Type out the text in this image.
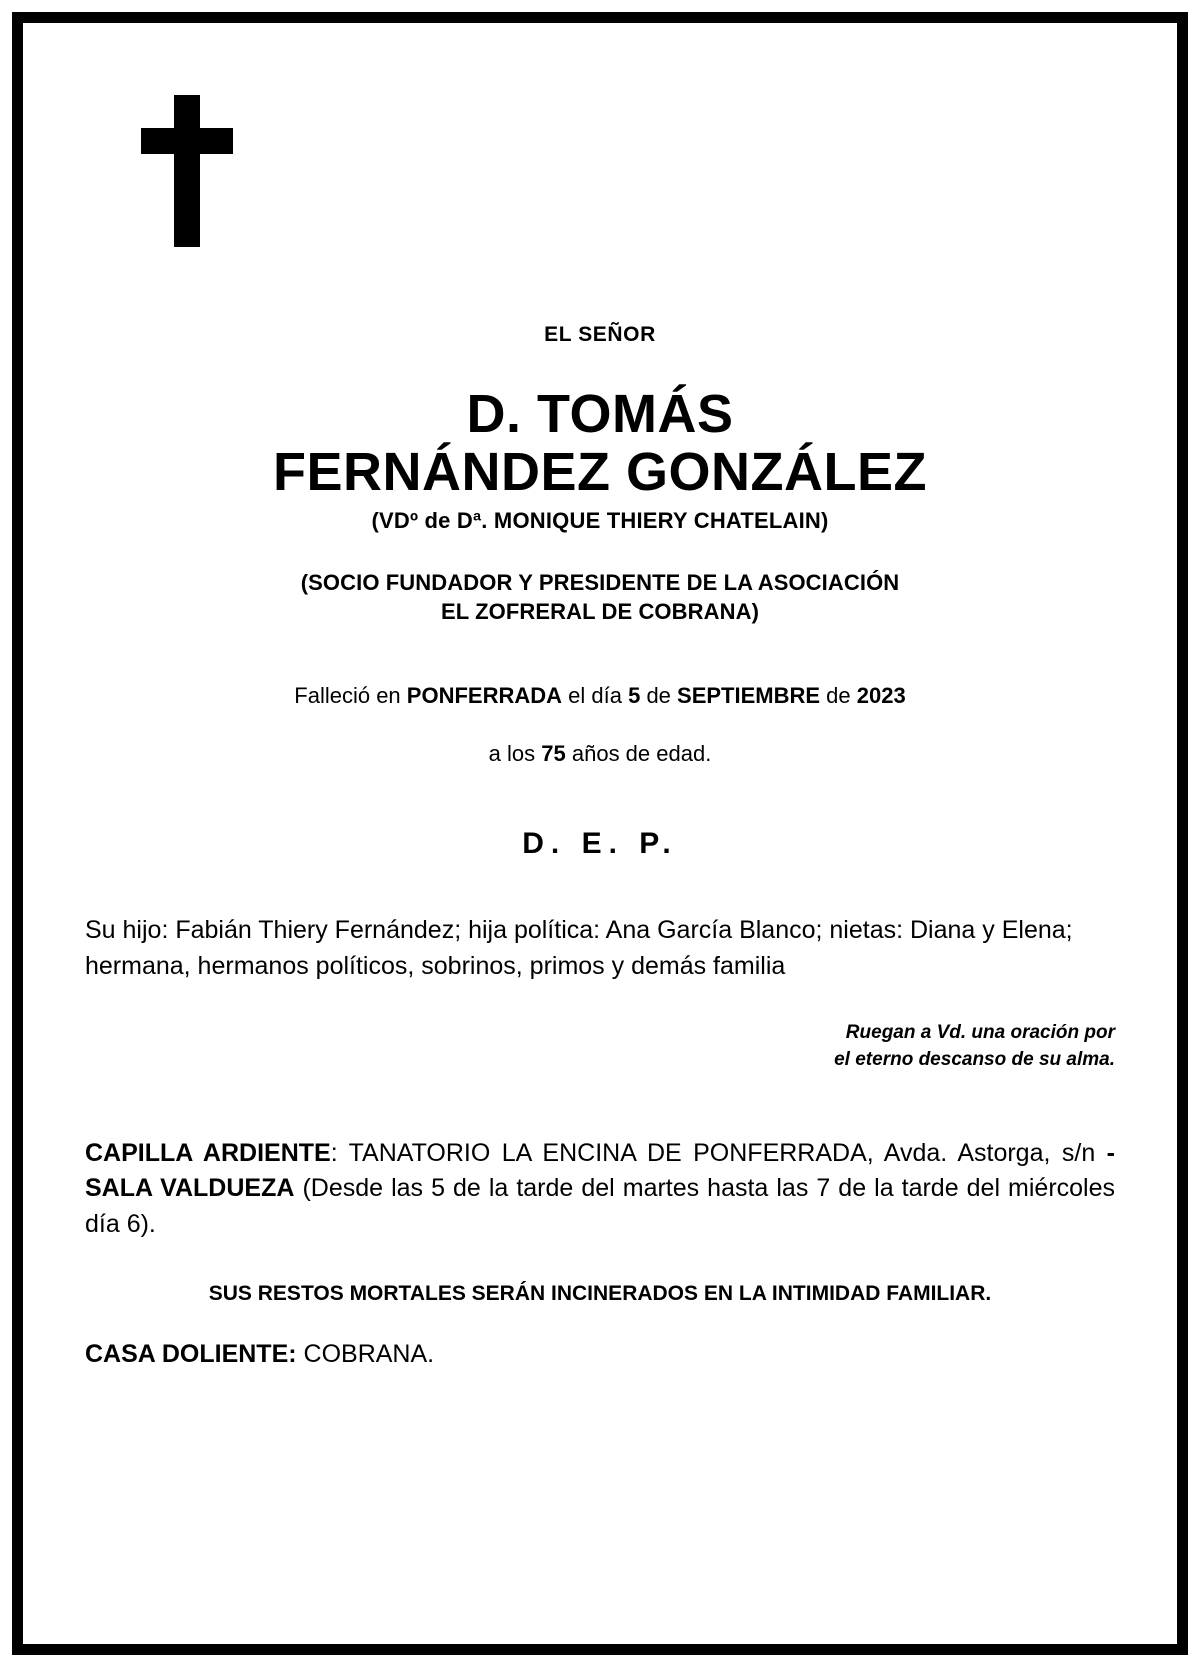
EL SEÑOR

D. TOMÁS

FERNÁNDEZ GONZÁLEZ

(VDº de Dª. MONIQUE THIERY CHATELAIN)

(SOCIO FUNDADOR Y PRESIDENTE DE LA ASOCIACIÓN
EL ZOFRERAL DE COBRANA)

Falleció en PONFERRADA el día 5 de SEPTIEMBRE de 2023

a los 75 años de edad.

D. E. P.

Su hijo: Fabián Thiery Fernández; hija política: Ana García Blanco; nietas: Diana y Elena; hermana, hermanos políticos, sobrinos, primos y demás familia

Ruegan a Vd. una oración por
el eterno descanso de su alma.

CAPILLA ARDIENTE: TANATORIO LA ENCINA DE PONFERRADA, Avda. Astorga, s/n - SALA VALDUEZA (Desde las 5 de la tarde del martes hasta las 7 de la tarde del miércoles día 6).

SUS RESTOS MORTALES SERÁN INCINERADOS EN LA INTIMIDAD FAMILIAR.

CASA DOLIENTE: COBRANA.
